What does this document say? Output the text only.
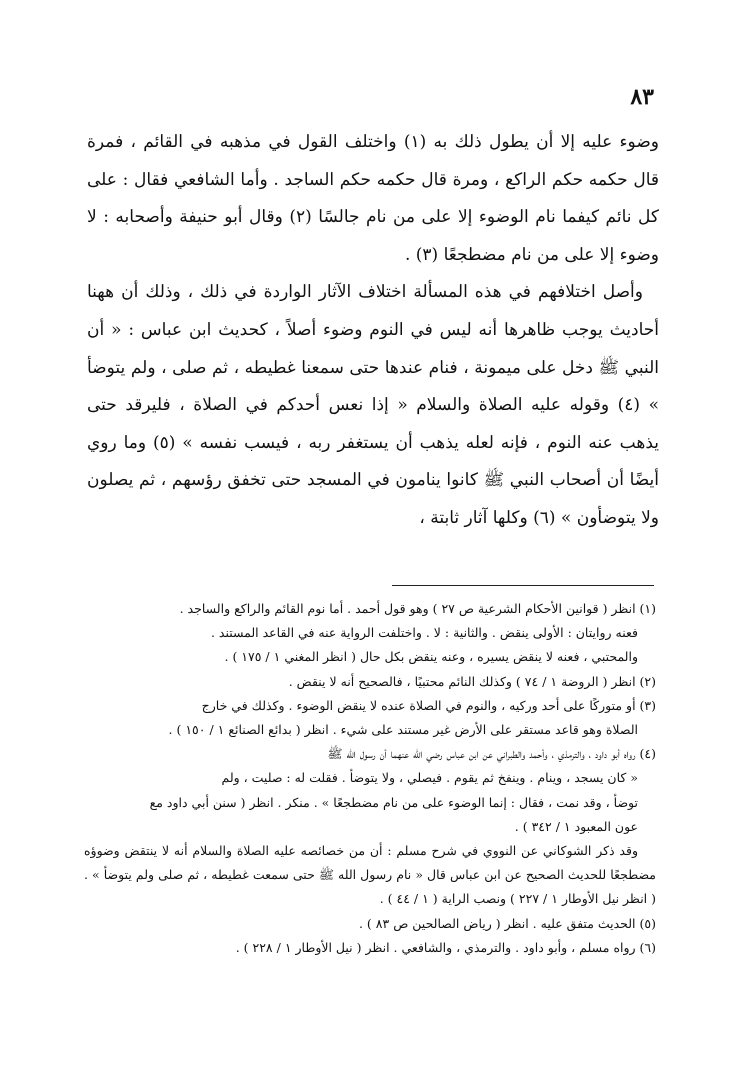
٨٣

وضوء عليه إلا أن يطول ذلك به (١) واختلف القول في مذهبه في القائم ، فمرة قال حكمه حكم الراكع ، ومرة قال حكمه حكم الساجد . وأما الشافعي فقال : على كل نائم كيفما نام الوضوء إلا على من نام جالسًا (٢) وقال أبو حنيفة وأصحابه : لا وضوء إلا على من نام مضطجعًا (٣) .

وأصل اختلافهم في هذه المسألة اختلاف الآثار الواردة في ذلك ، وذلك أن ههنا أحاديث يوجب ظاهرها أنه ليس في النوم وضوء أصلاً ، كحديث ابن عباس : « أن النبي ﷺ دخل على ميمونة ، فنام عندها حتى سمعنا غطيطه ، ثم صلى ، ولم يتوضأ » (٤) وقوله عليه الصلاة والسلام « إذا نعس أحدكم في الصلاة ، فليرقد حتى يذهب عنه النوم ، فإنه لعله يذهب أن يستغفر ربه ، فيسب نفسه » (٥) وما روي أيضًا أن أصحاب النبي ﷺ كانوا ينامون في المسجد حتى تخفق رؤسهم ، ثم يصلون ولا يتوضأون » (٦) وكلها آثار ثابتة ،

(١) انظر ( قوانين الأحكام الشرعية ص ٢٧ ) وهو قول أحمد . أما نوم القائم والراكع والساجد .

فعنه روايتان : الأولى ينقض . والثانية : لا . واختلفت الرواية عنه في القاعد المستند .

والمحتبي ، فعنه لا ينقض يسيره ، وعنه ينقض بكل حال ( انظر المغني ١ / ١٧٥ ) .

(٢) انظر ( الروضة ١ / ٧٤ ) وكذلك النائم محتبيًا ، فالصحيح أنه لا ينقض .

(٣) أو متوركًا على أحد وركيه ، والنوم في الصلاة عنده لا ينقض الوضوء . وكذلك في خارج

الصلاة وهو قاعد مستقر على الأرض غير مستند على شيء . انظر ( بدائع الصنائع ١ / ١٥٠ ) .

(٤) رواه أبو داود ، والترمذي ، وأحمد والطبراني عن ابن عباس رضي الله عنهما أن رسول الله ﷺ

« كان يسجد ، وينام . وينفخ ثم يقوم . فيصلي ، ولا يتوضأ . فقلت له : صليت ، ولم

توضأ ، وقد نمت ، فقال : إنما الوضوء على من نام مضطجعًا » . منكر . انظر ( سنن أبي داود مع

عون المعبود ١ / ٣٤٢ ) .

وقد ذكر الشوكاني عن النووي في شرح مسلم : أن من خصائصه عليه الصلاة والسلام أنه لا ينتقض وضوؤه مضطجعًا للحديث الصحيح عن ابن عباس قال « نام رسول الله ﷺ حتى سمعت غطيطه ، ثم صلى ولم يتوضأ » . ( انظر نيل الأوطار ١ / ٢٢٧ ) ونصب الراية ( ١ / ٤٤ ) .

(٥) الحديث متفق عليه . انظر ( رياض الصالحين ص ٨٣ ) .

(٦) رواه مسلم ، وأبو داود . والترمذي ، والشافعي . انظر ( نيل الأوطار ١ / ٢٢٨ ) .
